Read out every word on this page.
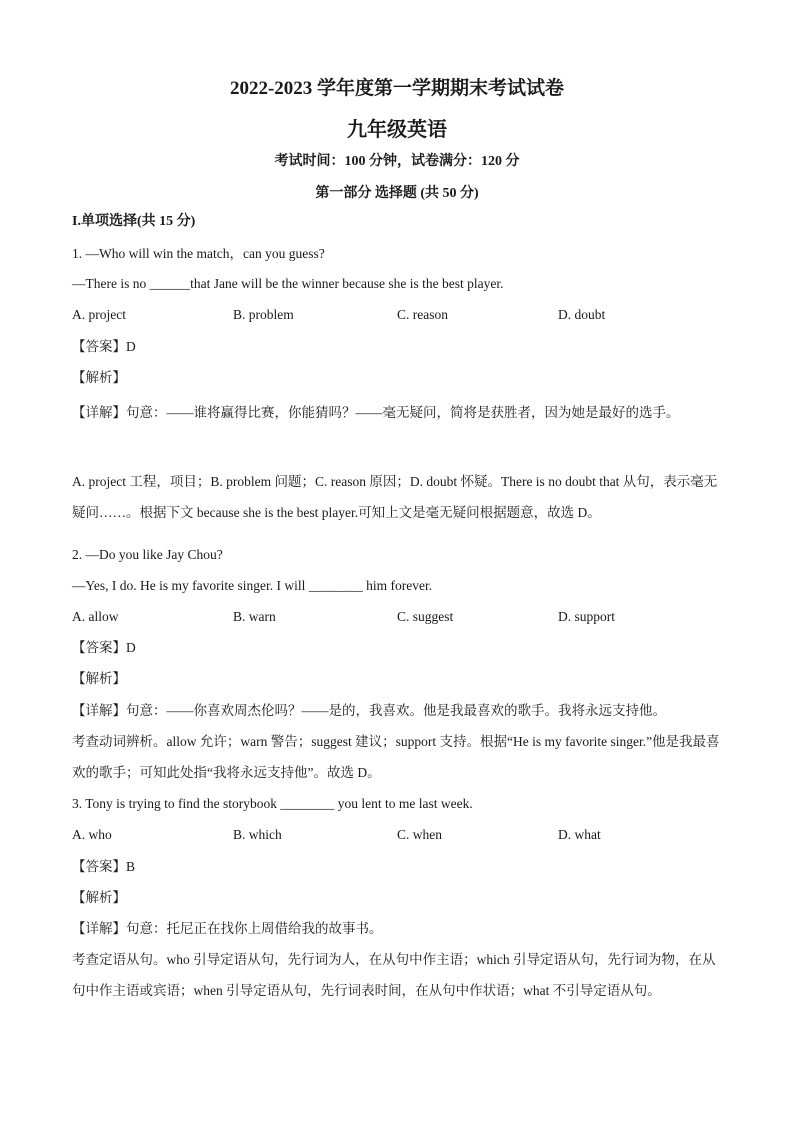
2022-2023 学年度第一学期期末考试试卷
九年级英语
考试时间：100 分钟，试卷满分：120 分
第一部分 选择题 (共 50 分)
I.单项选择(共 15 分)
1. —Who will win the match，can you guess?
—There is no ______that Jane will be the winner because she is the best player.
A. project	B. problem	C. reason	D. doubt
【答案】D
【解析】
【详解】句意：——谁将赢得比赛，你能猜吗？——毫无疑问，简将是获胜者，因为她是最好的选手。
A. project 工程，项目；B. problem 问题；C. reason 原因；D. doubt 怀疑。There is no doubt that 从句，表示毫无疑问……。根据下文 because she is the best player.可知上文是毫无疑问根据题意，故选 D。
2. —Do you like Jay Chou?
—Yes, I do. He is my favorite singer. I will ________ him forever.
A. allow	B. warn	C. suggest	D. support
【答案】D
【解析】
【详解】句意：——你喜欢周杰伦吗？——是的，我喜欢。他是我最喜欢的歌手。我将永远支持他。
考查动词辨析。allow 允许；warn 警告；suggest 建议；support 支持。根据“He is my favorite singer.”他是我最喜欢的歌手；可知此处指“我将永远支持他”。故选 D。
3. Tony is trying to find the storybook ________ you lent to me last week.
A. who	B. which	C. when	D. what
【答案】B
【解析】
【详解】句意：托尼正在找你上周借给我的故事书。
考查定语从句。who 引导定语从句，先行词为人，在从句中作主语；which 引导定语从句，先行词为物，在从句中作主语或宾语；when 引导定语从句，先行词表时间，在从句中作状语；what 不引导定语从句。
